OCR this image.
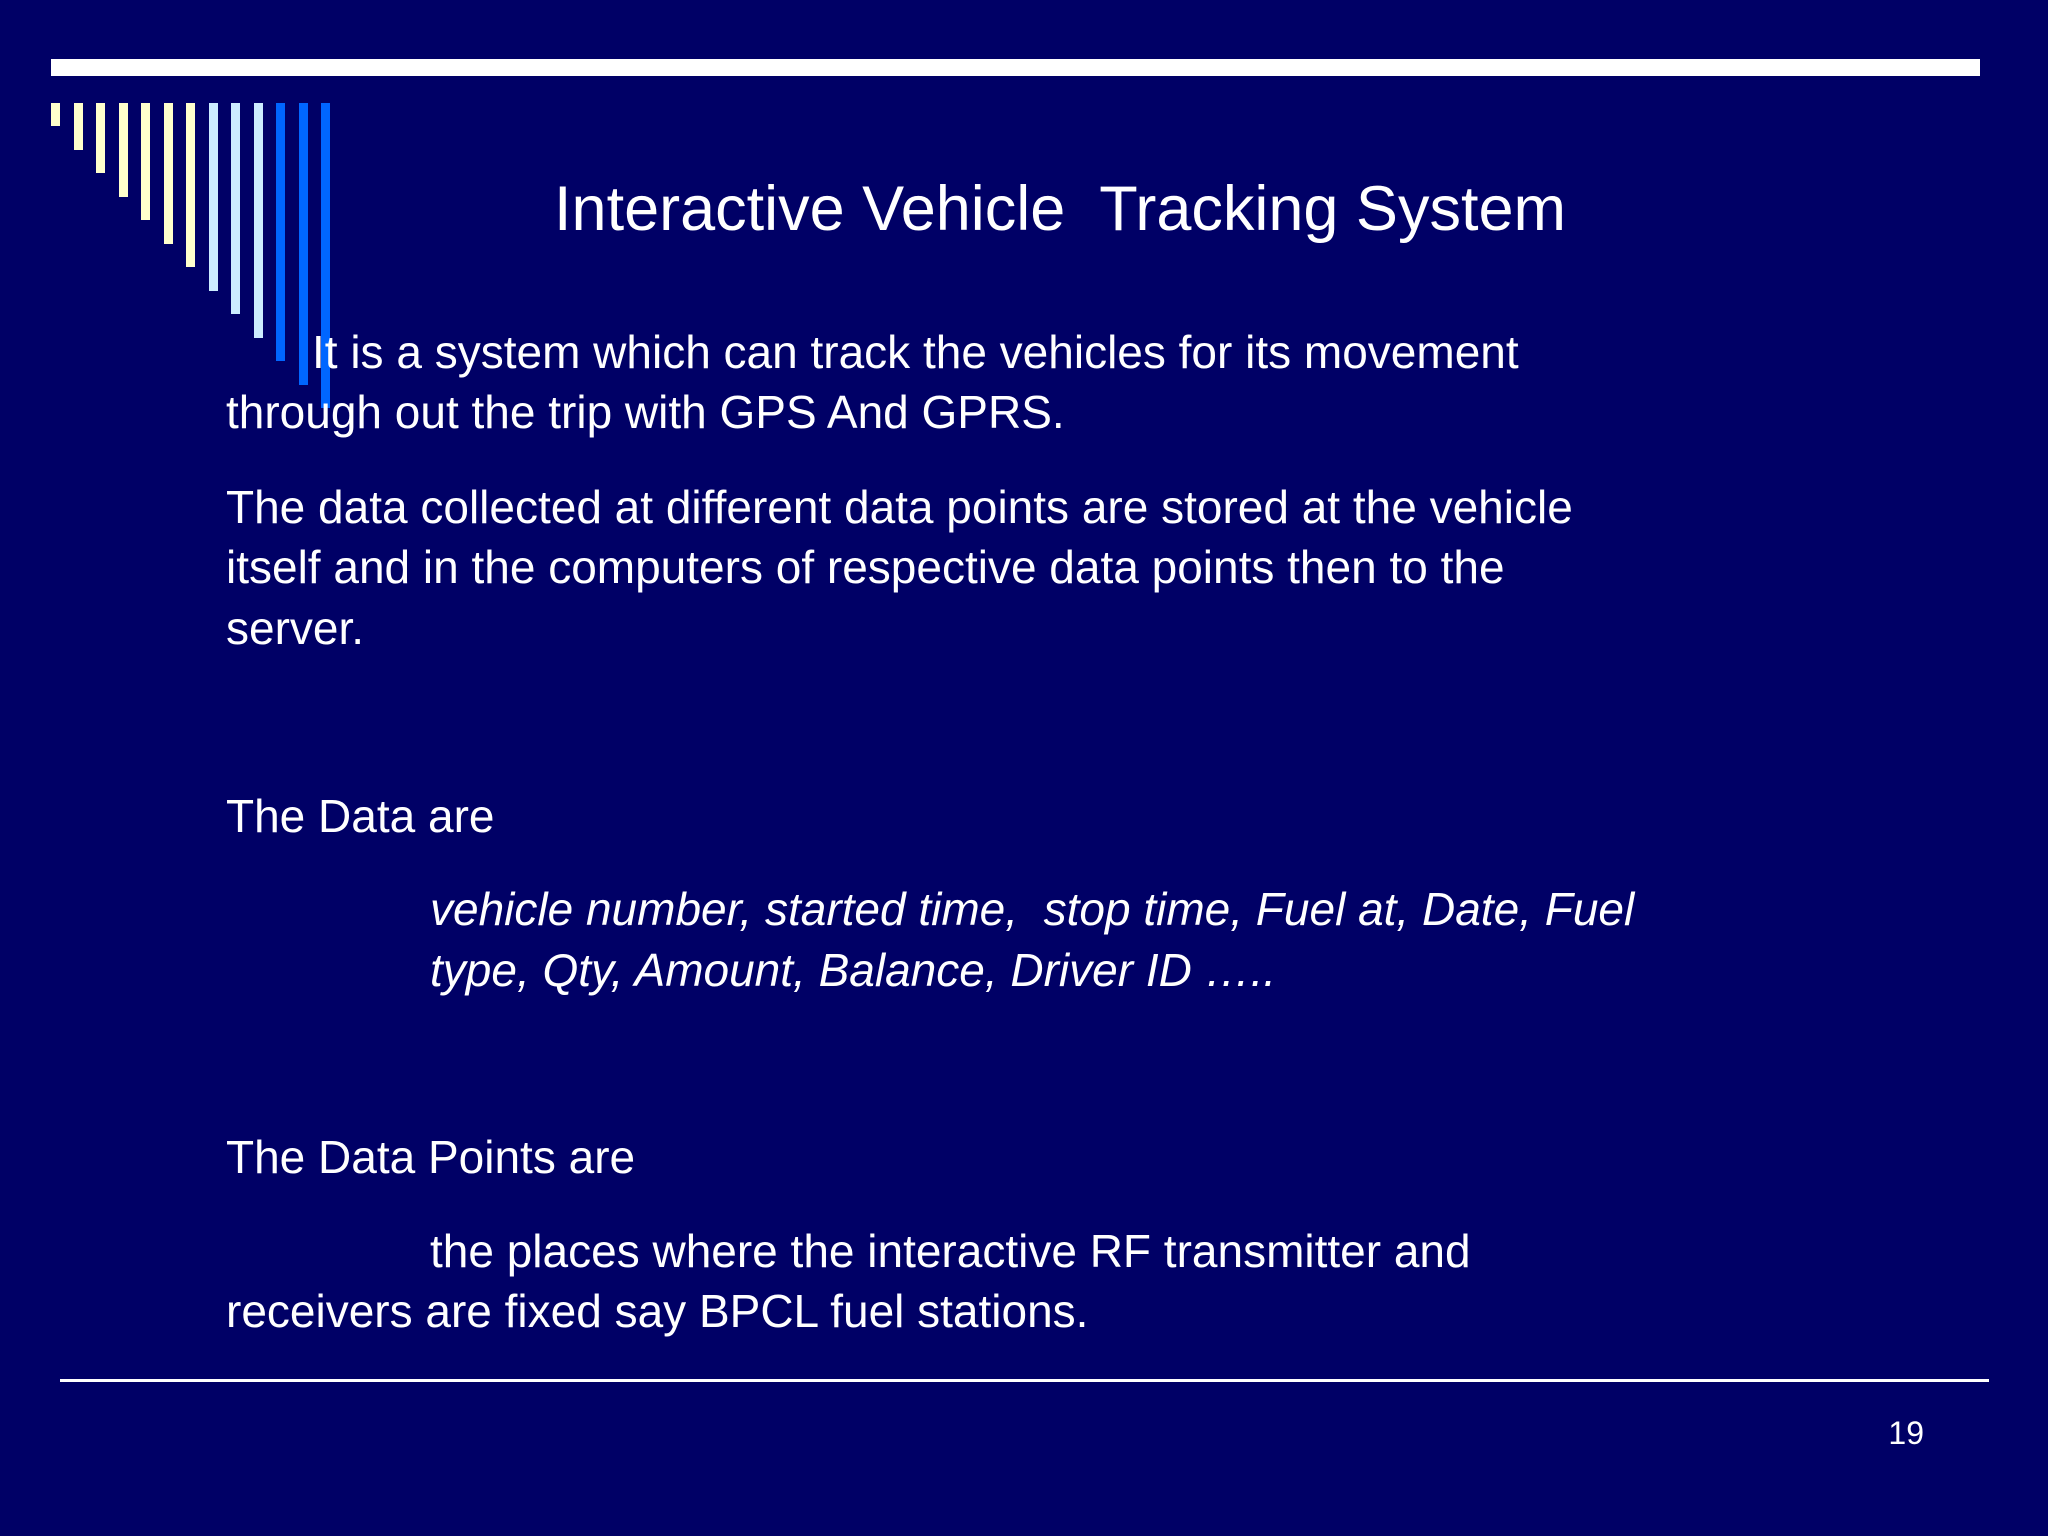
Interactive Vehicle  Tracking System
It is a system which can track the vehicles for its movement
through out the trip with GPS And GPRS.
The data collected at different data points are stored at the vehicle
itself and in the computers of respective data points then to the
server.
The Data are
vehicle number, started time,  stop time, Fuel at, Date, Fuel
type, Qty, Amount, Balance, Driver ID …..
The Data Points are
the places where the interactive RF transmitter and
receivers are fixed say BPCL fuel stations.
19
